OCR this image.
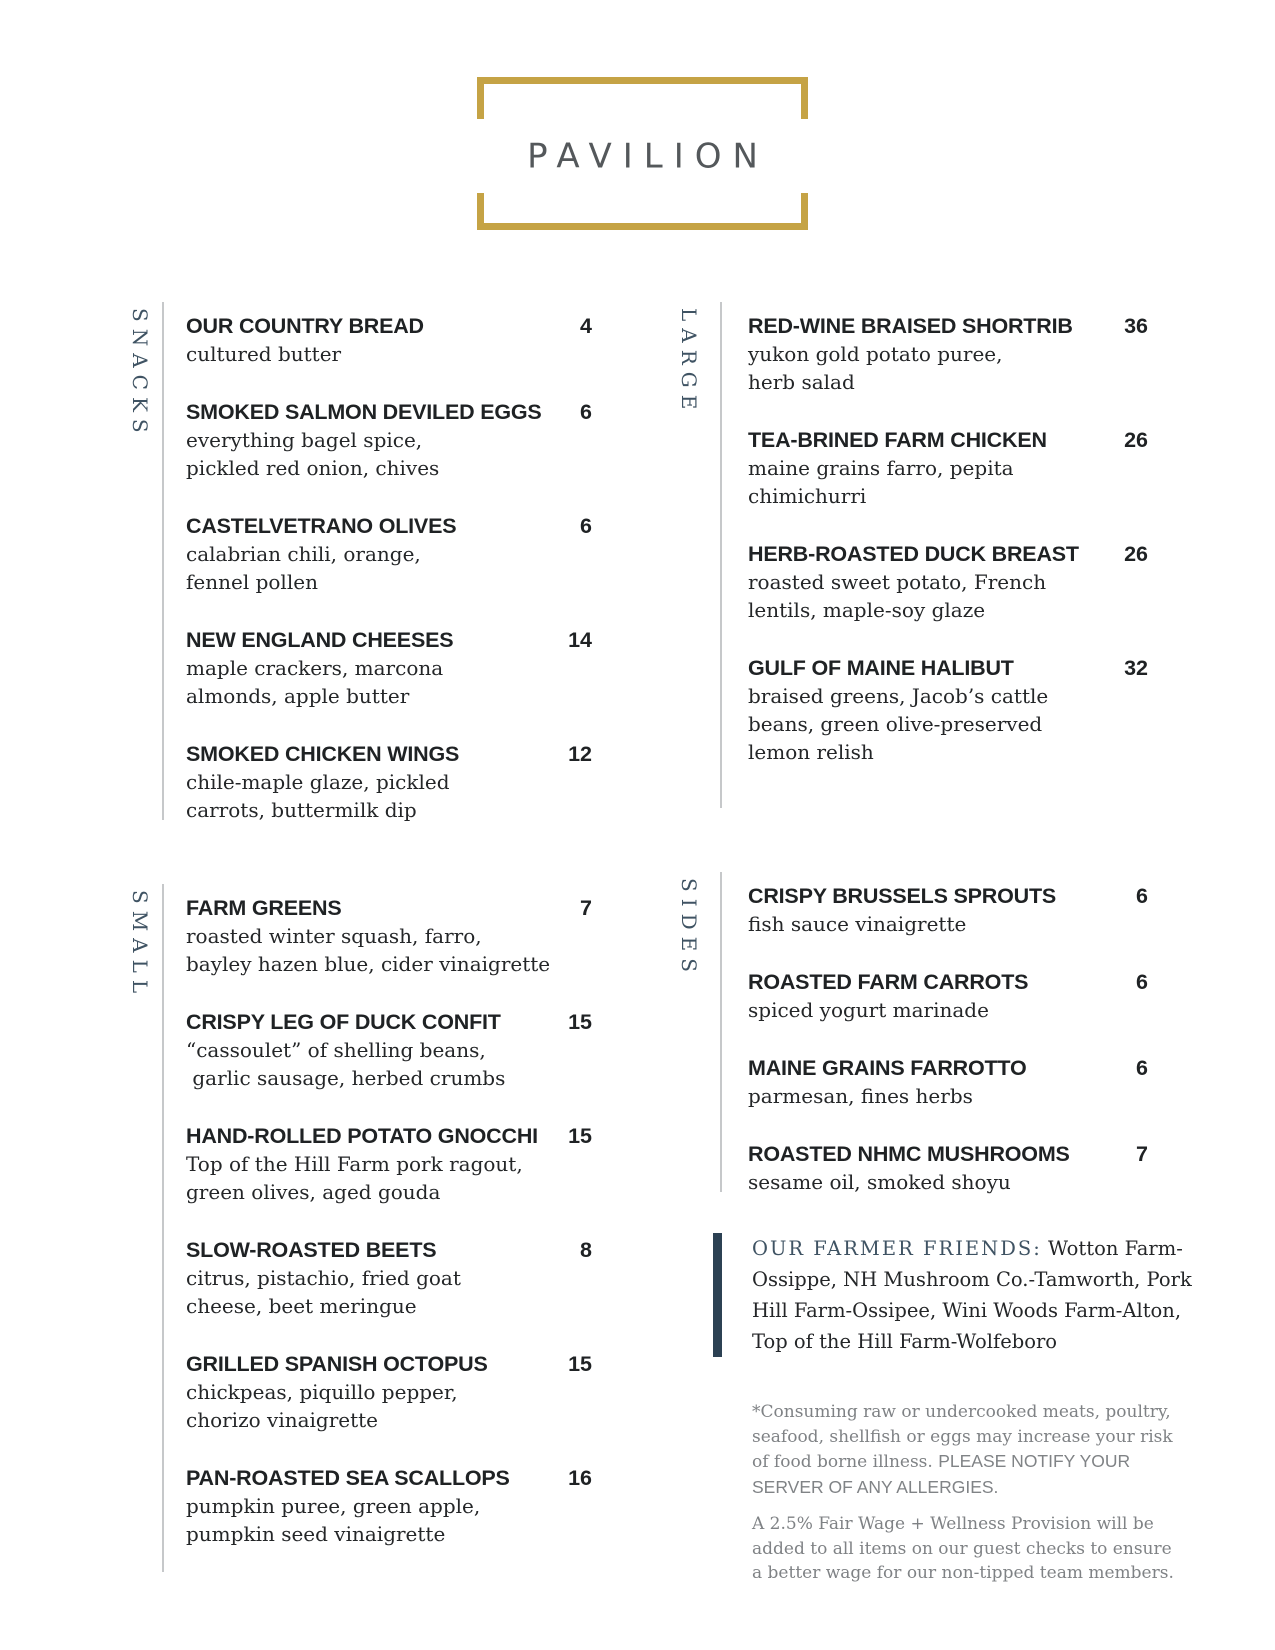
PAVILION
SNACKS OUR COUNTRY BREAD	4
cultured butter
SMOKED SALMON DEVILED EGGS 6
everything bagel spice,
pickled red onion, chives
CASTELVETRANO OLIVES	6
calabrian chili, orange,
fennel pollen
NEW ENGLAND CHEESES	14
maple crackers, marcona
almonds, apple butter
SMOKED CHICKEN WINGS	12
chile-maple glaze, pickled
carrots, buttermilk dip
SMALL FARM GREENS	7
roasted winter squash, farro,
bayley hazen blue, cider vinaigrette
CRISPY LEG OF DUCK CONFIT	15
“cassoulet” of shelling beans,
garlic sausage, herbed crumbs
HAND-ROLLED POTATO GNOCCHI 15
Top of the Hill Farm pork ragout,
green olives, aged gouda
SLOW-ROASTED BEETS	8
citrus, pistachio, fried goat
cheese, beet meringue
GRILLED SPANISH OCTOPUS	15
chickpeas, piquillo pepper,
chorizo vinaigrette
PAN-ROASTED SEA SCALLOPS	16
pumpkin puree, green apple,
pumpkin seed vinaigrette
LARGE RED-WINE BRAISED SHORTRIB 36
yukon gold potato puree,
herb salad
TEA-BRINED FARM CHICKEN	26
maine grains farro, pepita
chimichurri
HERB-ROASTED DUCK BREAST 26
roasted sweet potato, French
lentils, maple-soy glaze
GULF OF MAINE HALIBUT	32
braised greens, Jacob’s cattle
beans, green olive-preserved
lemon relish
SIDES CRISPY BRUSSELS SPROUTS	6
fish sauce vinaigrette
ROASTED FARM CARROTS	6
spiced yogurt marinade
MAINE GRAINS FARROTTO	6
parmesan, fines herbs
ROASTED NHMC MUSHROOMS	7
sesame oil, smoked shoyu
OUR FARMER FRIENDS: Wotton Farm-
Ossippe, NH Mushroom Co.-Tamworth, Pork
Hill Farm-Ossipee, Wini Woods Farm-Alton,
Top of the Hill Farm-Wolfeboro
*Consuming raw or undercooked meats, poultry,
seafood, shellfish or eggs may increase your risk
of food borne illness. PLEASE NOTIFY YOUR
SERVER OF ANY ALLERGIES.
A 2.5% Fair Wage + Wellness Provision will be
added to all items on our guest checks to ensure
a better wage for our non-tipped team members.
